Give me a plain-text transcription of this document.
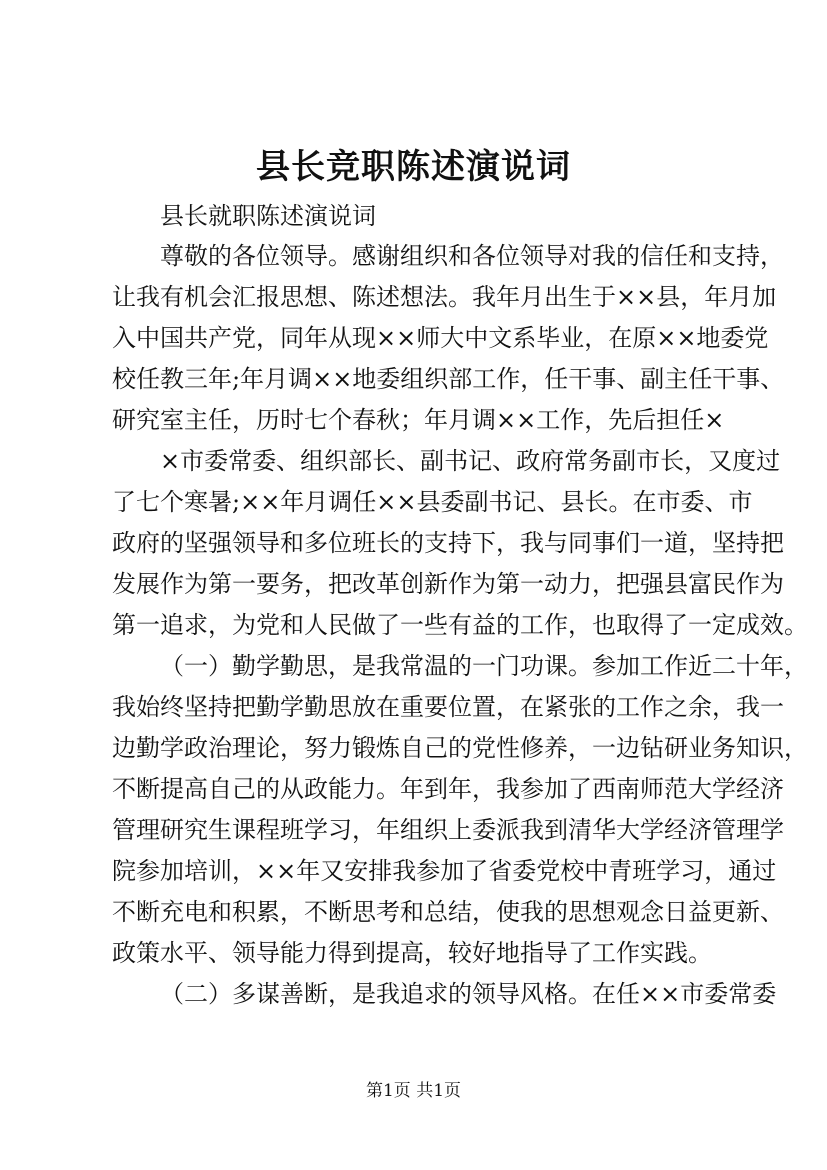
县长竞职陈述演说词
县长就职陈述演说词
尊敬的各位领导。感谢组织和各位领导对我的信任和支持，
让我有机会汇报思想、陈述想法。我年月出生于××县，年月加
入中国共产党，同年从现××师大中文系毕业，在原××地委党
校任教三年;年月调××地委组织部工作，任干事、副主任干事、
研究室主任，历时七个春秋；年月调××工作，先后担任×
×市委常委、组织部长、副书记、政府常务副市长，又度过
了七个寒暑;××年月调任××县委副书记、县长。在市委、市
政府的坚强领导和多位班长的支持下，我与同事们一道，坚持把
发展作为第一要务，把改革创新作为第一动力，把强县富民作为
第一追求，为党和人民做了一些有益的工作，也取得了一定成效。
（一）勤学勤思，是我常温的一门功课。参加工作近二十年，
我始终坚持把勤学勤思放在重要位置，在紧张的工作之余，我一
边勤学政治理论，努力锻炼自己的党性修养，一边钻研业务知识，
不断提高自己的从政能力。年到年，我参加了西南师范大学经济
管理研究生课程班学习，年组织上委派我到清华大学经济管理学
院参加培训，××年又安排我参加了省委党校中青班学习，通过
不断充电和积累，不断思考和总结，使我的思想观念日益更新、
政策水平、领导能力得到提高，较好地指导了工作实践。
（二）多谋善断，是我追求的领导风格。在任××市委常委
第1页 共1页
